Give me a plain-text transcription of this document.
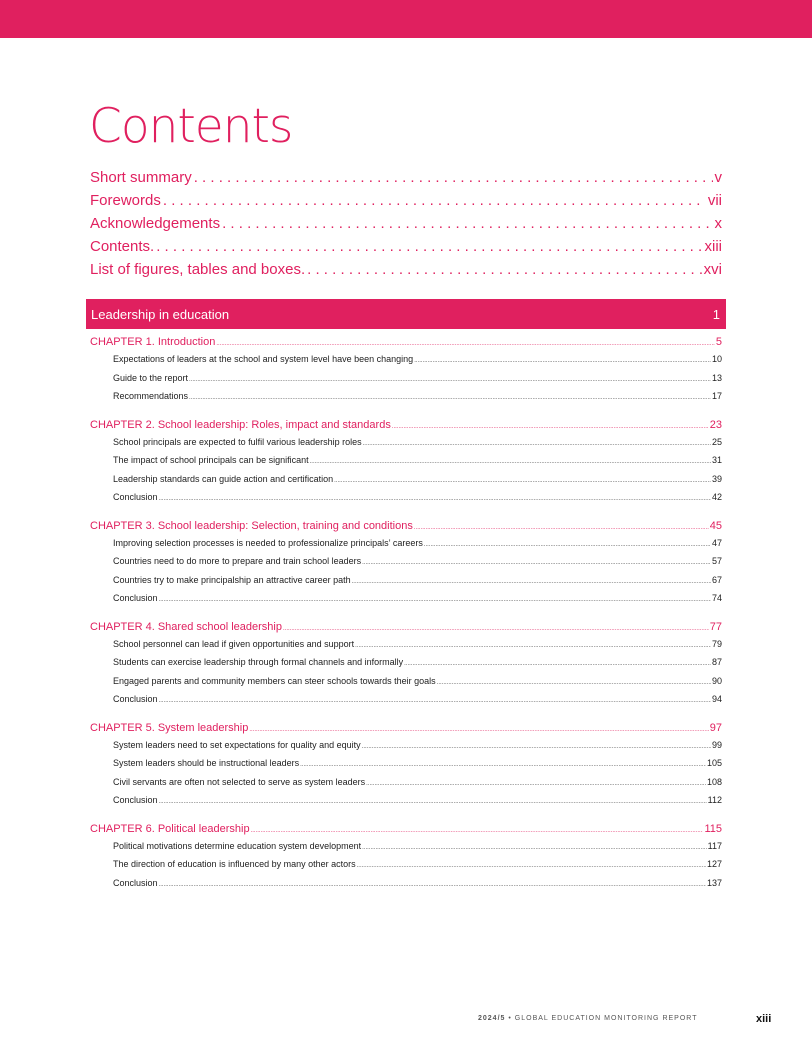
Contents
Short summary . . .	v
Forewords . . .	vii
Acknowledgements . . .	x
Contents. . . .	xiii
List of figures, tables and boxes. . . .	xvi
Leadership in education	1
CHAPTER 1. Introduction .....	5
Expectations of leaders at the school and system level have been changing .....	10
Guide to the report .....	13
Recommendations .....	17
CHAPTER 2. School leadership: Roles, impact and standards .....	23
School principals are expected to fulfil various leadership roles .....	25
The impact of school principals can be significant .....	31
Leadership standards can guide action and certification .....	39
Conclusion .....	42
CHAPTER 3. School leadership: Selection, training and conditions .....	45
Improving selection processes is needed to professionalize principals’ careers .....	47
Countries need to do more to prepare and train school leaders .....	57
Countries try to make principalship an attractive career path .....	67
Conclusion .....	74
CHAPTER 4. Shared school leadership .....	77
School personnel can lead if given opportunities and support .....	79
Students can exercise leadership through formal channels and informally .....	87
Engaged parents and community members can steer schools towards their goals .....	90
Conclusion .....	94
CHAPTER 5. System leadership .....	97
System leaders need to set expectations for quality and equity .....	99
System leaders should be instructional leaders .....	105
Civil servants are often not selected to serve as system leaders .....	108
Conclusion .....	112
CHAPTER 6. Political leadership .....	115
Political motivations determine education system development .....	117
The direction of education is influenced by many other actors .....	127
Conclusion .....	137
2024/5 • GLOBAL EDUCATION MONITORING REPORT	xiii
